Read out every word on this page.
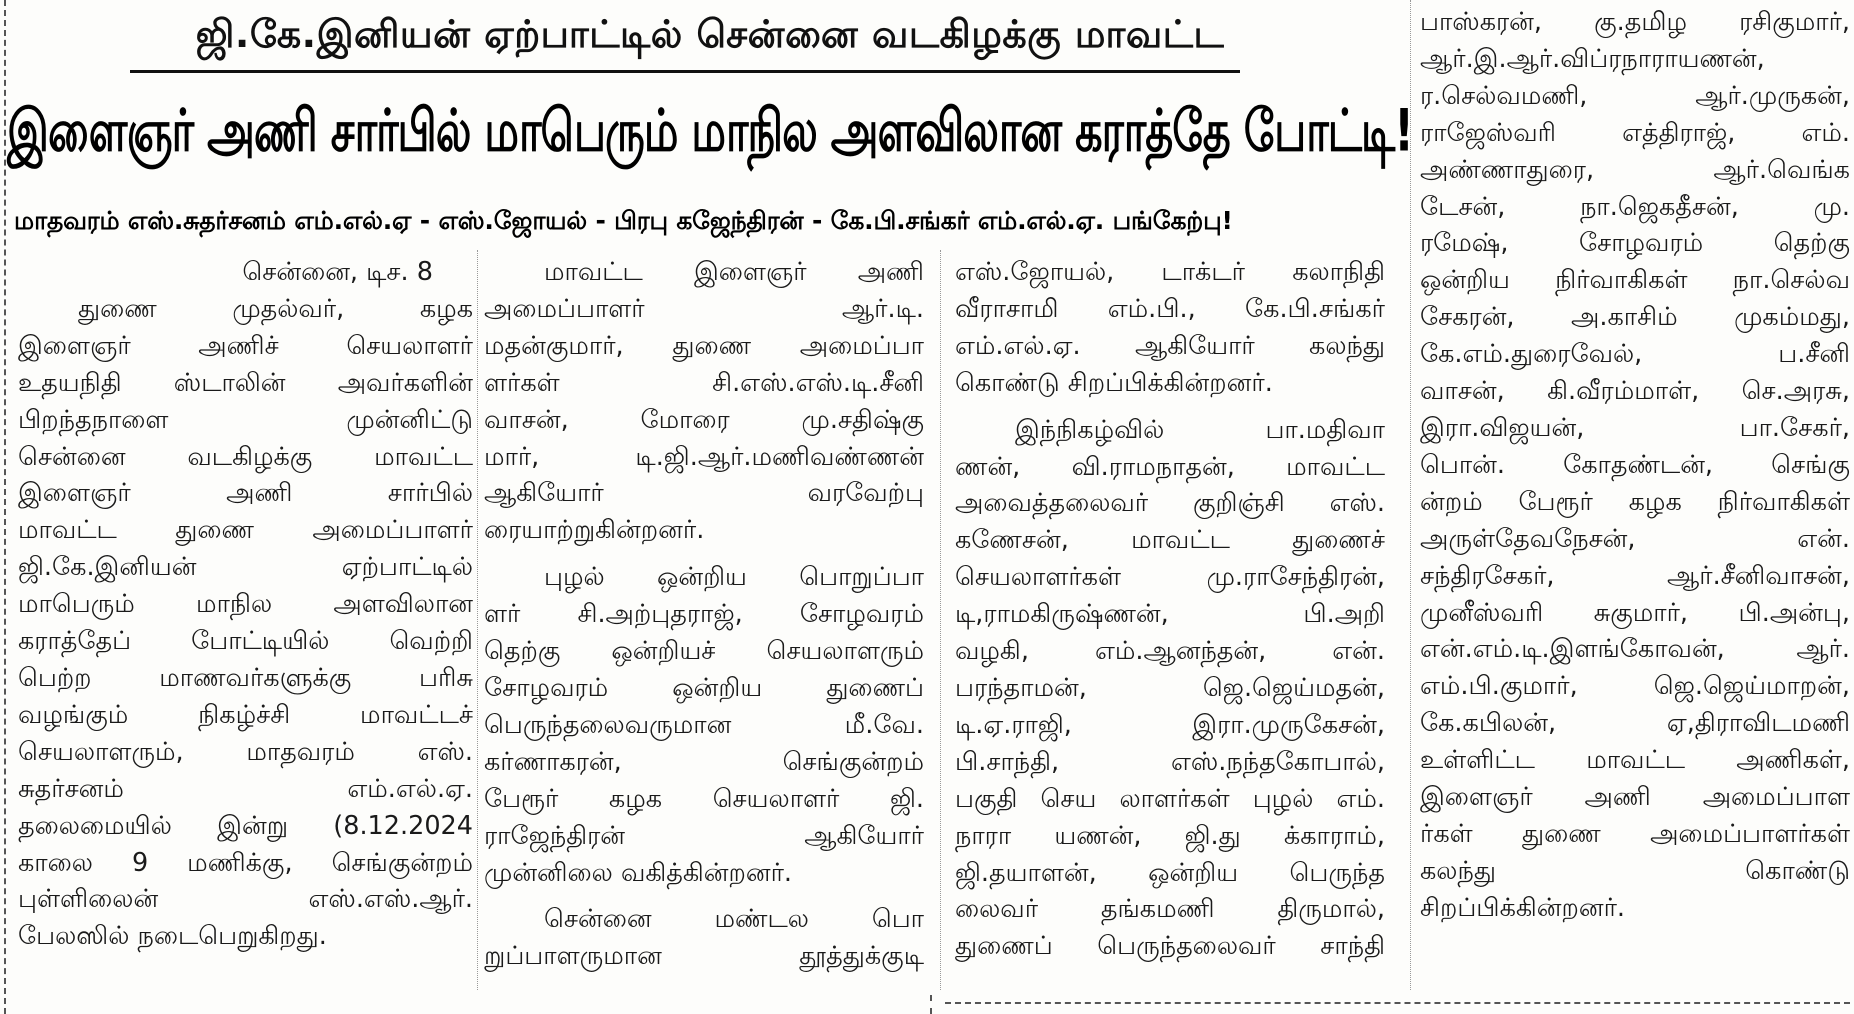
ஜி.கே.இனியன் ஏற்பாட்டில் சென்னை வடகிழக்கு மாவட்ட
இளைஞர் அணி சார்பில் மாபெரும் மாநில அளவிலான கராத்தே போட்டி!
மாதவரம் எஸ்.சுதர்சனம் எம்.எல்.ஏ - எஸ்.ஜோயல் - பிரபு கஜேந்திரன் - கே.பி.சங்கர் எம்.எல்.ஏ. பங்கேற்பு!
சென்னை, டிச. 8
துணை முதல்வர், கழக
இளைஞர் அணிச் செயலாளர்
உதயநிதி ஸ்டாலின் அவர்களின்
பிறந்தநாளை முன்னிட்டு
சென்னை வடகிழக்கு மாவட்ட
இளைஞர் அணி சார்பில்
மாவட்ட துணை அமைப்பாளர்
ஜி.கே.இனியன் ஏற்பாட்டில்
மாபெரும் மாநில அளவிலான
கராத்தேப் போட்டியில் வெற்றி
பெற்ற மாணவர்களுக்கு பரிசு
வழங்கும் நிகழ்ச்சி மாவட்டச்
செயலாளரும், மாதவரம் எஸ்.
சுதர்சனம் எம்.எல்.ஏ.
தலைமையில் இன்று (8.12.2024
காலை 9 மணிக்கு, செங்குன்றம்
புள்ளிலைன் எஸ்.எஸ்.ஆர்.
பேலஸில் நடைபெறுகிறது.
மாவட்ட இளைஞர் அணி
அமைப்பாளர் ஆர்.டி.
மதன்குமார், துணை அமைப்பா
ளர்கள் சி.எஸ்.எஸ்.டி.சீனி
வாசன், மோரை மு.சதிஷ்கு
மார், டி.ஜி.ஆர்.மணிவண்ணன்
ஆகியோர் வரவேற்பு
ரையாற்றுகின்றனர்.
புழல் ஒன்றிய பொறுப்பா
ளர் சி.அற்புதராஜ், சோழவரம்
தெற்கு ஒன்றியச் செயலாளரும்
சோழவரம் ஒன்றிய துணைப்
பெருந்தலைவருமான மீ.வே.
கர்ணாகரன், செங்குன்றம்
பேரூர் கழக செயலாளர் ஜி.
ராஜேந்திரன் ஆகியோர்
முன்னிலை வகித்கின்றனர்.
சென்னை மண்டல பொ
றுப்பாளருமான தூத்துக்குடி
எஸ்.ஜோயல், டாக்டர் கலாநிதி
வீராசாமி எம்.பி., கே.பி.சங்கர்
எம்.எல்.ஏ. ஆகியோர் கலந்து
கொண்டு சிறப்பிக்கின்றனர்.
இந்நிகழ்வில் பா.மதிவா
ணன், வி.ராமநாதன், மாவட்ட
அவைத்தலைவர் குறிஞ்சி எஸ்.
கணேசன், மாவட்ட துணைச்
செயலாளர்கள் மு.ராசேந்திரன்,
டி,ராமகிருஷ்ணன், பி.அறி
வழகி, எம்.ஆனந்தன், என்.
பரந்தாமன், ஜெ.ஜெய்மதன்,
டி.ஏ.ராஜி, இரா.முருகேசன்,
பி.சாந்தி, எஸ்.நந்தகோபால்,
பகுதி செய லாளர்கள் புழல் எம்.
நாரா யணன், ஜி.து க்காராம்,
ஜி.தயாளன், ஒன்றிய பெருந்த
லைவர் தங்கமணி திருமால்,
துணைப் பெருந்தலைவர் சாந்தி
பாஸ்கரன், கு.தமிழ ரசிகுமார்,
ஆர்.இ.ஆர்.விப்ரநாராயணன்,
ர.செல்வமணி, ஆர்.முருகன்,
ராஜேஸ்வரி எத்திராஜ், எம்.
அண்ணாதுரை, ஆர்.வெங்க
டேசன், நா.ஜெகதீசன், மு.
ரமேஷ், சோழவரம் தெற்கு
ஒன்றிய நிர்வாகிகள் நா.செல்வ
சேகரன், அ.காசிம் முகம்மது,
கே.எம்.துரைவேல், ப.சீனி
வாசன், கி.வீரம்மாள், செ.அரசு,
இரா.விஜயன், பா.சேகர்,
பொன். கோதண்டன், செங்கு
ன்றம் பேரூர் கழக நிர்வாகிகள்
அருள்தேவநேசன், என்.
சந்திரசேகர், ஆர்.சீனிவாசன்,
முனீஸ்வரி சுகுமார், பி.அன்பு,
என்.எம்.டி.இளங்கோவன், ஆர்.
எம்.பி.குமார், ஜெ.ஜெய்மாறன்,
கே.கபிலன், ஏ,திராவிடமணி
உள்ளிட்ட மாவட்ட அணிகள்,
இளைஞர் அணி அமைப்பாள
ர்கள் துணை அமைப்பாளர்கள்
கலந்து கொண்டு
சிறப்பிக்கின்றனர்.
